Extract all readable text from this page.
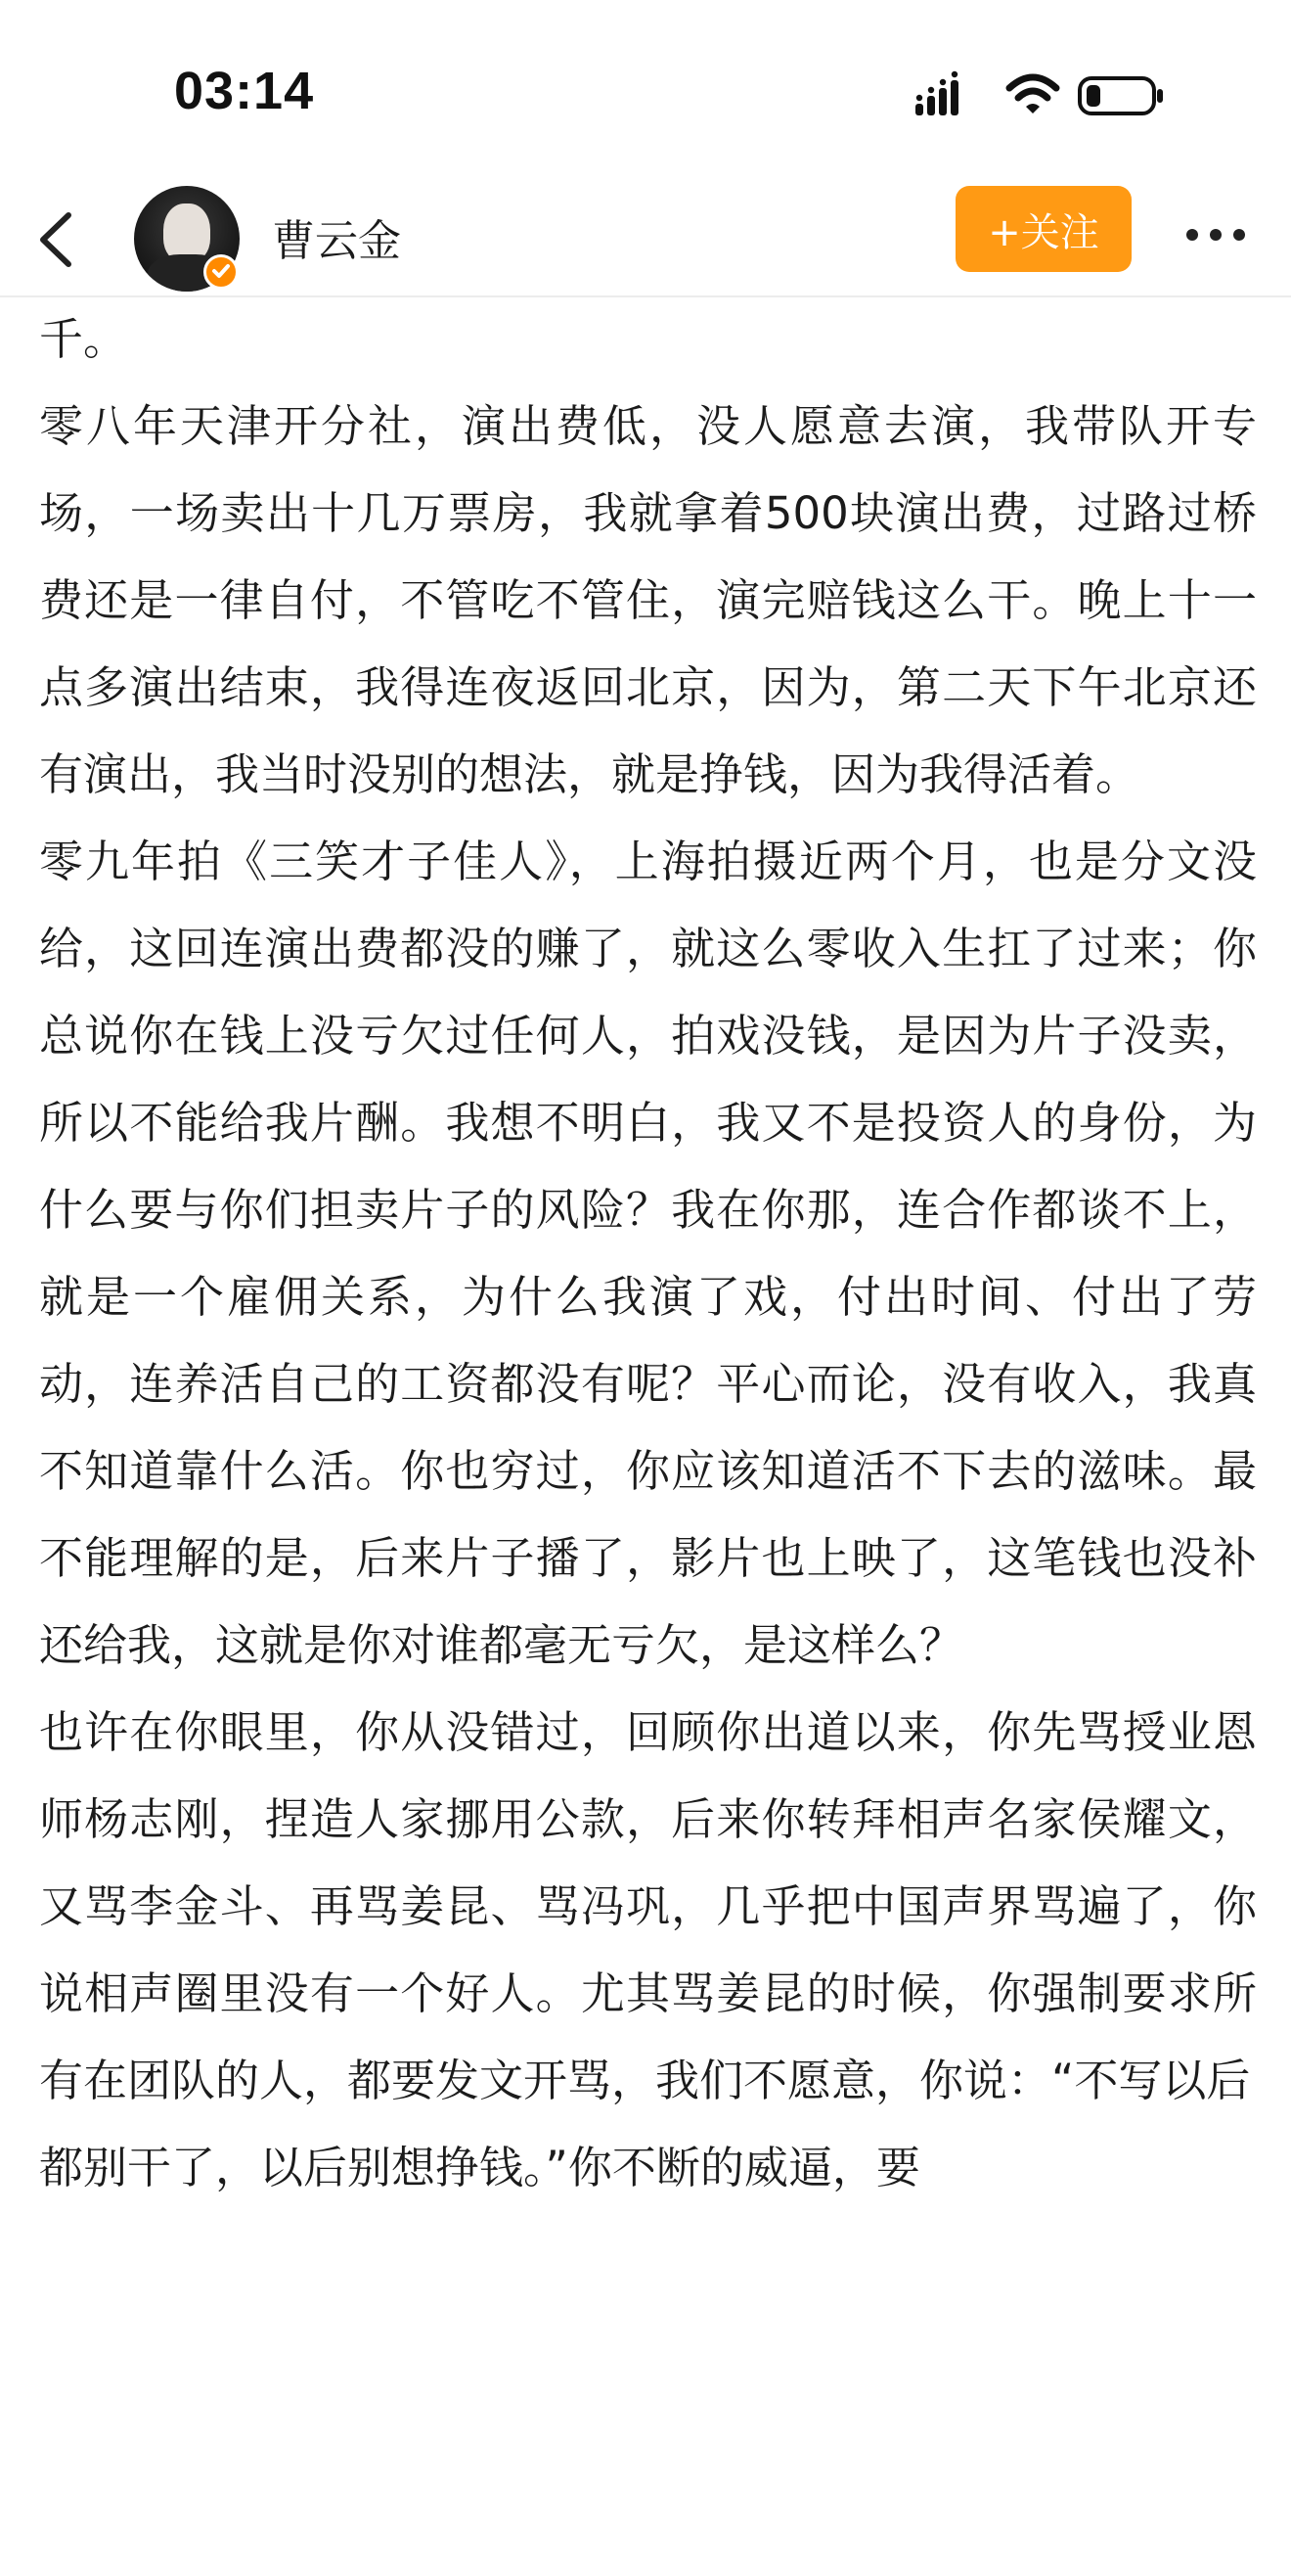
03:14
曹云金	+关注

千。

零八年天津开分社，演出费低，没人愿意去演，我带队开专场，一场卖出十几万票房，我就拿着500块演出费，过路过桥费还是一律自付，不管吃不管住，演完赔钱这么干。晚上十一点多演出结束，我得连夜返回北京，因为，第二天下午北京还有演出，我当时没别的想法，就是挣钱，因为我得活着。

零九年拍《三笑才子佳人》，上海拍摄近两个月，也是分文没给，这回连演出费都没的赚了，就这么零收入生扛了过来；你总说你在钱上没亏欠过任何人，拍戏没钱，是因为片子没卖，所以不能给我片酬。我想不明白，我又不是投资人的身份，为什么要与你们担卖片子的风险？我在你那，连合作都谈不上，就是一个雇佣关系，为什么我演了戏，付出时间、付出了劳动，连养活自己的工资都没有呢？平心而论，没有收入，我真不知道靠什么活。你也穷过，你应该知道活不下去的滋味。最不能理解的是，后来片子播了，影片也上映了，这笔钱也没补还给我，这就是你对谁都毫无亏欠，是这样么？

也许在你眼里，你从没错过，回顾你出道以来，你先骂授业恩师杨志刚，捏造人家挪用公款，后来你转拜相声名家侯耀文，又骂李金斗、再骂姜昆、骂冯巩，几乎把中国声界骂遍了，你说相声圈里没有一个好人。尤其骂姜昆的时候，你强制要求所有在团队的人，都要发文开骂，我们不愿意，你说：“不写以后

都别干了，以后别想挣钱。”你不断的威逼，要
